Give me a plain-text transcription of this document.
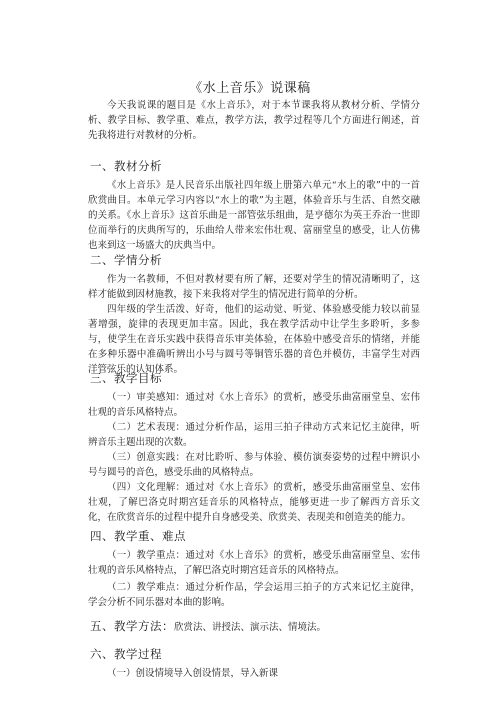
《水上音乐》说课稿
今天我说课的题目是《水上音乐》，对于本节课我将从教材分析、学情分析、教学目标、教学重、难点，教学方法，教学过程等几个方面进行阐述，首先我将进行对教材的分析。
一、教材分析
《水上音乐》是人民音乐出版社四年级上册第六单元“水上的歌”中的一首欣赏曲目。本单元学习内容以“水上的歌”为主题，体验音乐与生活、自然交融的关系。《水上音乐》这首乐曲是一部管弦乐组曲，是亨德尔为英王乔治一世即位而举行的庆典所写的，乐曲给人带来宏伟壮观、富丽堂皇的感受，让人仿佛也来到这一场盛大的庆典当中。
二、学情分析
作为一名教师，不但对教材要有所了解，还要对学生的情况清晰明了，这样才能做到因材施教，接下来我将对学生的情况进行简单的分析。
四年级的学生活泼、好奇，他们的运动觉、听觉、体验感受能力较以前显著增强，旋律的表现更加丰富。因此，我在教学活动中让学生多聆听，多参与，使学生在音乐实践中获得音乐审美体验，在体验中感受音乐的情绪，并能在多种乐器中准确听辨出小号与圆号等铜管乐器的音色并模仿，丰富学生对西洋管弦乐的认知体系。
三、教学目标
（一）审美感知：通过对《水上音乐》的赏析，感受乐曲富丽堂皇、宏伟壮观的音乐风格特点。
（二）艺术表现：通过分析作品，运用三拍子律动方式来记忆主旋律，听辨音乐主题出现的次数。
（三）创意实践：在对比聆听、参与体验、模仿演奏姿势的过程中辨识小号与圆号的音色，感受乐曲的风格特点。
（四）文化理解：通过对《水上音乐》的赏析，感受乐曲富丽堂皇、宏伟壮观，了解巴洛克时期宫廷音乐的风格特点，能够更进一步了解西方音乐文化，在欣赏音乐的过程中提升自身感受美、欣赏美、表现美和创造美的能力。
四、教学重、难点
（一）教学重点：通过对《水上音乐》的赏析，感受乐曲富丽堂皇、宏伟壮观的音乐风格特点，了解巴洛克时期宫廷音乐的风格特点。
（二）教学难点：通过分析作品，学会运用三拍子的方式来记忆主旋律，学会分析不同乐器对本曲的影响。
五、教学方法：欣赏法、讲授法、演示法、情境法。
六、教学过程
（一）创设情境导入创设情景，导入新课
